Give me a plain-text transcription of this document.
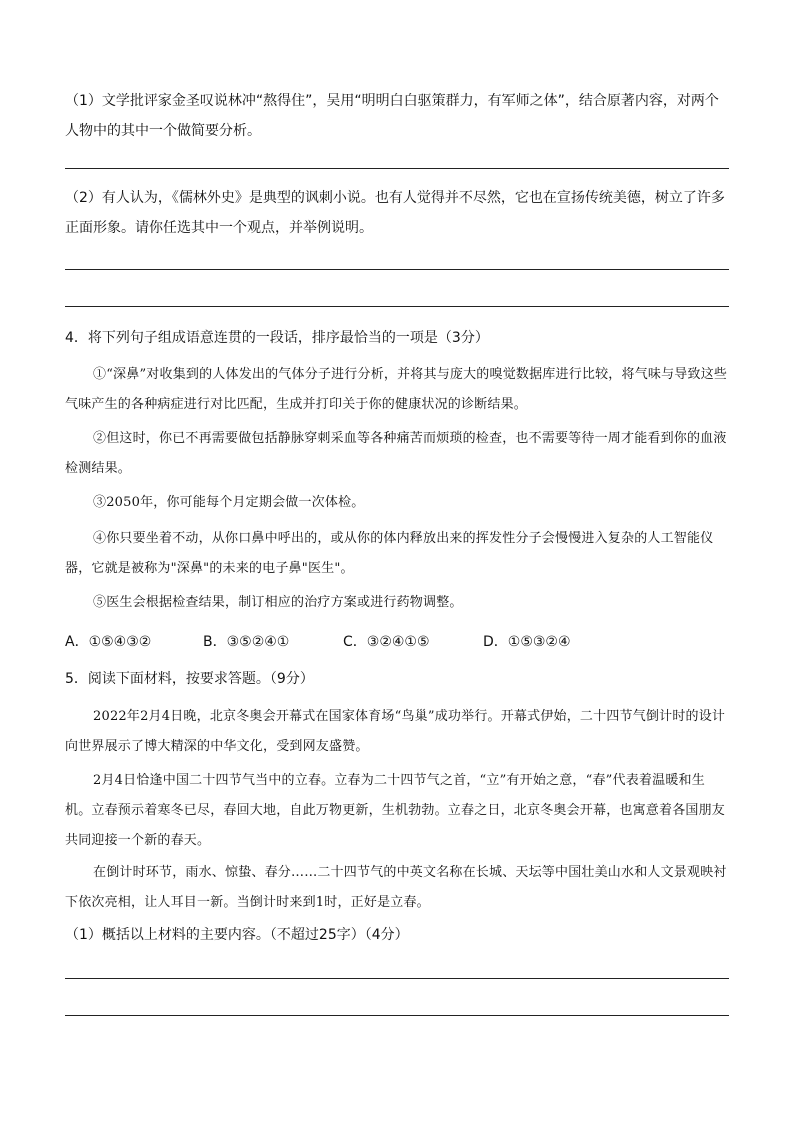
（1）文学批评家金圣叹说林冲“熬得住”，吴用“明明白白驱策群力，有军师之体”，结合原著内容，对两个人物中的其中一个做简要分析。

（2）有人认为，《儒林外史》是典型的讽刺小说。也有人觉得并不尽然，它也在宣扬传统美德，树立了许多正面形象。请你任选其中一个观点，并举例说明。

4．将下列句子组成语意连贯的一段话，排序最恰当的一项是（3分）

①“深鼻”对收集到的人体发出的气体分子进行分析，并将其与庞大的嗅觉数据库进行比较，将气味与导致这些气味产生的各种病症进行对比匹配，生成并打印关于你的健康状况的诊断结果。

②但这时，你已不再需要做包括静脉穿刺采血等各种痛苦而烦琐的检查，也不需要等待一周才能看到你的血液检测结果。

③2050年，你可能每个月定期会做一次体检。

④你只要坐着不动，从你口鼻中呼出的，或从你的体内释放出来的挥发性分子会慢慢进入复杂的人工智能仪器，它就是被称为"深鼻"的未来的电子鼻"医生"。

⑤医生会根据检查结果，制订相应的治疗方案或进行药物调整。

A．①⑤④③②	B．③⑤②④①	C．③②④①⑤	D．①⑤③②④

5．阅读下面材料，按要求答题。（9分）

2022年2月4日晚，北京冬奥会开幕式在国家体育场“鸟巢”成功举行。开幕式伊始，二十四节气倒计时的设计向世界展示了博大精深的中华文化，受到网友盛赞。

2月4日恰逢中国二十四节气当中的立春。立春为二十四节气之首，“立”有开始之意，“春”代表着温暖和生机。立春预示着寒冬已尽，春回大地，自此万物更新，生机勃勃。立春之日，北京冬奥会开幕，也寓意着各国朋友共同迎接一个新的春天。

在倒计时环节，雨水、惊蛰、春分……二十四节气的中英文名称在长城、天坛等中国壮美山水和人文景观映衬下依次亮相，让人耳目一新。当倒计时来到1时，正好是立春。

（1）概括以上材料的主要内容。（不超过25字）（4分）
